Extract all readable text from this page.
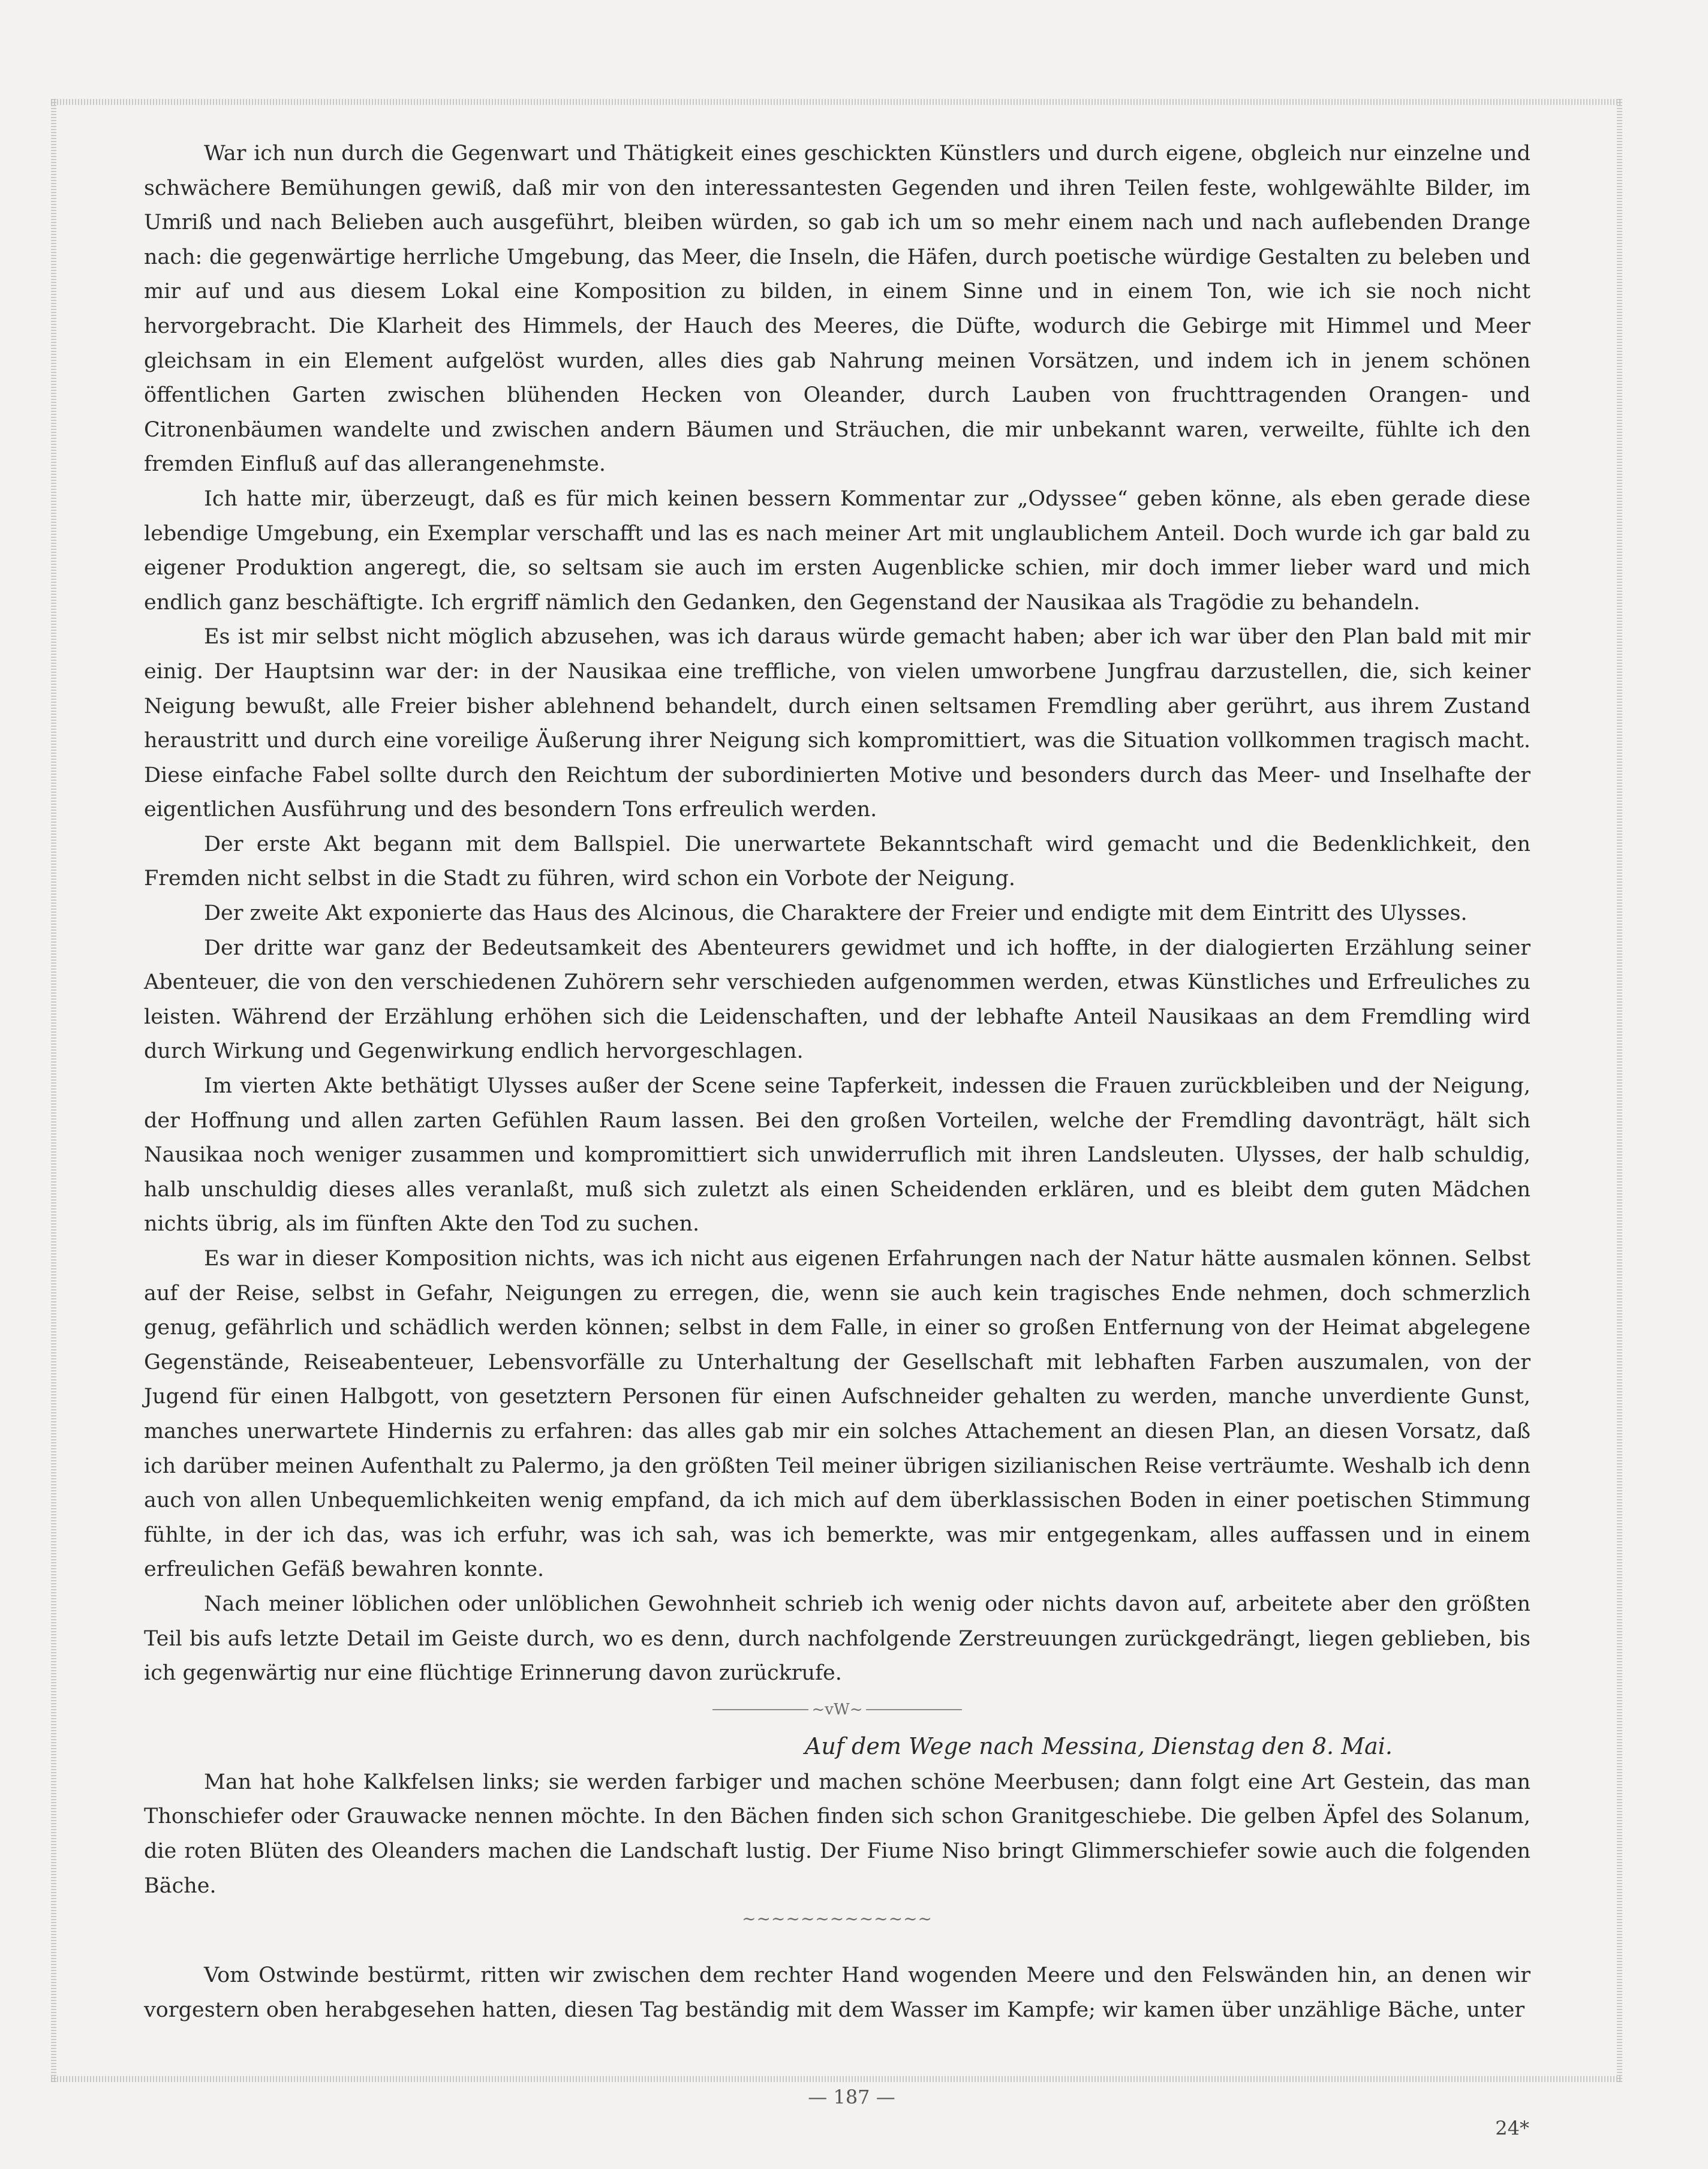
War ich nun durch die Gegenwart und Thätigkeit eines geschickten Künstlers und durch eigene, obgleich nur einzelne und schwächere Bemühungen gewiß, daß mir von den interessantesten Gegenden und ihren Teilen feste, wohlgewählte Bilder, im Umriß und nach Belieben auch ausgeführt, bleiben würden, so gab ich um so mehr einem nach und nach auflebenden Drange nach: die gegenwärtige herrliche Umgebung, das Meer, die Inseln, die Häfen, durch poetische würdige Gestalten zu beleben und mir auf und aus diesem Lokal eine Komposition zu bilden, in einem Sinne und in einem Ton, wie ich sie noch nicht hervorgebracht. Die Klarheit des Himmels, der Hauch des Meeres, die Düfte, wodurch die Gebirge mit Himmel und Meer gleichsam in ein Element aufgelöst wurden, alles dies gab Nahrung meinen Vorsätzen, und indem ich in jenem schönen öffentlichen Garten zwischen blühenden Hecken von Oleander, durch Lauben von fruchttragenden Orangen- und Citronenbäumen wandelte und zwischen andern Bäumen und Sträuchen, die mir unbekannt waren, verweilte, fühlte ich den fremden Einfluß auf das allerangenehmste.

Ich hatte mir, überzeugt, daß es für mich keinen bessern Kommentar zur „Odyssee“ geben könne, als eben gerade diese lebendige Umgebung, ein Exemplar verschafft und las es nach meiner Art mit unglaublichem Anteil. Doch wurde ich gar bald zu eigener Produktion angeregt, die, so seltsam sie auch im ersten Augenblicke schien, mir doch immer lieber ward und mich endlich ganz beschäftigte. Ich ergriff nämlich den Gedanken, den Gegenstand der Nausikaa als Tragödie zu behandeln.

Es ist mir selbst nicht möglich abzusehen, was ich daraus würde gemacht haben; aber ich war über den Plan bald mit mir einig. Der Hauptsinn war der: in der Nausikaa eine treffliche, von vielen umworbene Jungfrau darzustellen, die, sich keiner Neigung bewußt, alle Freier bisher ablehnend behandelt, durch einen seltsamen Fremdling aber gerührt, aus ihrem Zustand heraustritt und durch eine voreilige Äußerung ihrer Neigung sich kompromittiert, was die Situation vollkommen tragisch macht. Diese einfache Fabel sollte durch den Reichtum der subordinierten Motive und besonders durch das Meer- und Inselhafte der eigentlichen Ausführung und des besondern Tons erfreulich werden.

Der erste Akt begann mit dem Ballspiel. Die unerwartete Bekanntschaft wird gemacht und die Bedenklichkeit, den Fremden nicht selbst in die Stadt zu führen, wird schon ein Vorbote der Neigung.

Der zweite Akt exponierte das Haus des Alcinous, die Charaktere der Freier und endigte mit dem Eintritt des Ulysses.

Der dritte war ganz der Bedeutsamkeit des Abenteurers gewidmet und ich hoffte, in der dialogierten Erzählung seiner Abenteuer, die von den verschiedenen Zuhörern sehr verschieden aufgenommen werden, etwas Künstliches und Erfreuliches zu leisten. Während der Erzählung erhöhen sich die Leidenschaften, und der lebhafte Anteil Nausikaas an dem Fremdling wird durch Wirkung und Gegenwirkung endlich hervorgeschlagen.

Im vierten Akte bethätigt Ulysses außer der Scene seine Tapferkeit, indessen die Frauen zurückbleiben und der Neigung, der Hoffnung und allen zarten Gefühlen Raum lassen. Bei den großen Vorteilen, welche der Fremdling davonträgt, hält sich Nausikaa noch weniger zusammen und kompromittiert sich unwiderruflich mit ihren Landsleuten. Ulysses, der halb schuldig, halb unschuldig dieses alles veranlaßt, muß sich zuletzt als einen Scheidenden erklären, und es bleibt dem guten Mädchen nichts übrig, als im fünften Akte den Tod zu suchen.

Es war in dieser Komposition nichts, was ich nicht aus eigenen Erfahrungen nach der Natur hätte ausmalen können. Selbst auf der Reise, selbst in Gefahr, Neigungen zu erregen, die, wenn sie auch kein tragisches Ende nehmen, doch schmerzlich genug, gefährlich und schädlich werden können; selbst in dem Falle, in einer so großen Entfernung von der Heimat abgelegene Gegenstände, Reiseabenteuer, Lebensvorfälle zu Unterhaltung der Gesellschaft mit lebhaften Farben auszumalen, von der Jugend für einen Halbgott, von gesetztern Personen für einen Aufschneider gehalten zu werden, manche unverdiente Gunst, manches unerwartete Hindernis zu erfahren: das alles gab mir ein solches Attachement an diesen Plan, an diesen Vorsatz, daß ich darüber meinen Aufenthalt zu Palermo, ja den größten Teil meiner übrigen sizilianischen Reise verträumte. Weshalb ich denn auch von allen Unbequemlichkeiten wenig empfand, da ich mich auf dem überklassischen Boden in einer poetischen Stimmung fühlte, in der ich das, was ich erfuhr, was ich sah, was ich bemerkte, was mir entgegenkam, alles auffassen und in einem erfreulichen Gefäß bewahren konnte.

Nach meiner löblichen oder unlöblichen Gewohnheit schrieb ich wenig oder nichts davon auf, arbeitete aber den größten Teil bis aufs letzte Detail im Geiste durch, wo es denn, durch nachfolgende Zerstreuungen zurückgedrängt, liegen geblieben, bis ich gegenwärtig nur eine flüchtige Erinnerung davon zurückrufe.

~vW~
Auf dem Wege nach Messina, Dienstag den 8. Mai.

Man hat hohe Kalkfelsen links; sie werden farbiger und machen schöne Meerbusen; dann folgt eine Art Gestein, das man Thonschiefer oder Grauwacke nennen möchte. In den Bächen finden sich schon Granitgeschiebe. Die gelben Äpfel des Solanum, die roten Blüten des Oleanders machen die Landschaft lustig. Der Fiume Niso bringt Glimmerschiefer sowie auch die folgenden Bäche.

~~~~~~~~~~~~~

Vom Ostwinde bestürmt, ritten wir zwischen dem rechter Hand wogenden Meere und den Felswänden hin, an denen wir vorgestern oben herabgesehen hatten, diesen Tag beständig mit dem Wasser im Kampfe; wir kamen über unzählige Bäche, unter

— 187 —
24*
